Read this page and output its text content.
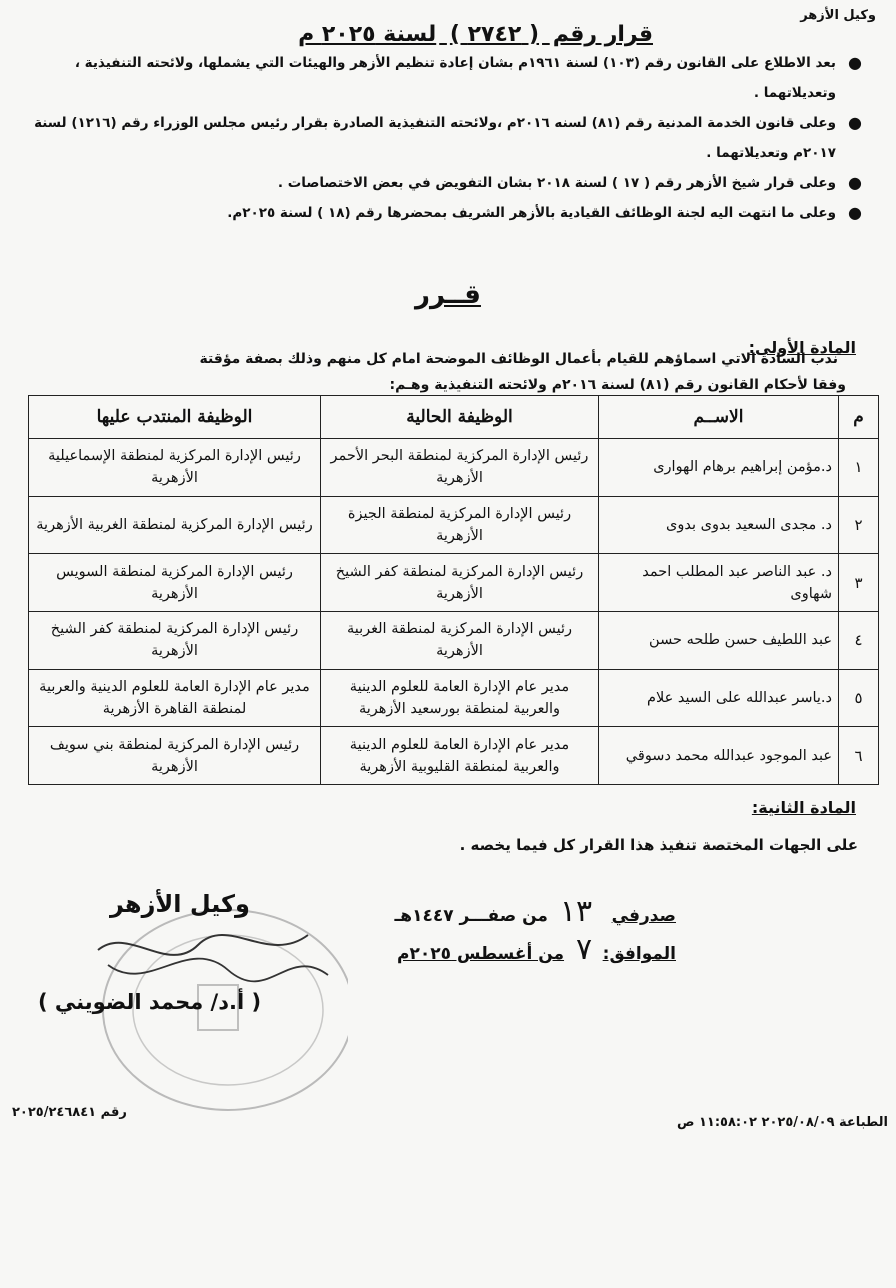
وكيل الأزهر
قرار رقم ( ٢٧٤٢ ) لسنة ٢٠٢٥ م
●
بعد الاطلاع على القانون رقم (١٠٣) لسنة ١٩٦١م بشان إعادة تنظيم الأزهر والهيئات التي يشملها، ولائحته التنفيذية ، وتعديلاتهما .
●
وعلى قانون الخدمة المدنية رقم (٨١) لسنه ٢٠١٦م ،ولائحته التنفيذية الصادرة بقرار رئيس مجلس الوزراء رقم (١٢١٦) لسنة ٢٠١٧م وتعديلاتهما .
●
وعلى قرار شيخ الأزهر رقم ( ١٧ ) لسنة ٢٠١٨ بشان التفويض في بعض الاختصاصات .
●
وعلى ما انتهت اليه لجنة الوظائف القيادية بالأزهر الشريف بمحضرها رقم (١٨ ) لسنة ٢٠٢٥م.
قــرر
المادة الأولى:
ندب السادة الاتي اسماؤهم للقيام بأعمال الوظائف الموضحة امام كل منهم وذلك بصفة مؤقتة
وفقا لأحكام القانون رقم (٨١) لسنة ٢٠١٦م ولائحته التنفيذية وهـم:
م	الاســم	الوظيفة الحالية	الوظيفة المنتدب عليها
١	د.مؤمن إبراهيم برهام الهوارى	رئيس الإدارة المركزية لمنطقة البحر الأحمر الأزهرية	رئيس الإدارة المركزية لمنطقة الإسماعيلية الأزهرية
٢	د. مجدى السعيد بدوى بدوى	رئيس الإدارة المركزية لمنطقة الجيزة الأزهرية	رئيس الإدارة المركزية لمنطقة الغربية الأزهرية
٣	د. عبد الناصر عبد المطلب احمد شهاوى	رئيس الإدارة المركزية لمنطقة كفر الشيخ الأزهرية	رئيس الإدارة المركزية لمنطقة السويس الأزهرية
٤	عبد اللطيف حسن طلحه حسن	رئيس الإدارة المركزية لمنطقة الغربية الأزهرية	رئيس الإدارة المركزية لمنطقة كفر الشيخ الأزهرية
٥	د.ياسر عبدالله على السيد علام	مدير عام الإدارة العامة للعلوم الدينية والعربية لمنطقة بورسعيد الأزهرية	مدير عام الإدارة العامة للعلوم الدينية والعربية لمنطقة القاهرة الأزهرية
٦	عبد الموجود عبدالله محمد دسوقي	مدير عام الإدارة العامة للعلوم الدينية والعربية لمنطقة القليوبية الأزهرية	رئيس الإدارة المركزية لمنطقة بني سويف الأزهرية
المادة الثانية:
على الجهات المختصة تنفيذ هذا القرار كل فيما يخصه .
صدرفي ١٣ من صفـــر ١٤٤٧هـ
الموافق: ٧ من أغسطس ٢٠٢٥م
وكيل الأزهر
( أ.د/ محمد الضويني )
رقم ٢٠٢٥/٢٤٦٨٤١
الطباعة ٢٠٢٥/٠٨/٠٩ ١١:٥٨:٠٢ ص
